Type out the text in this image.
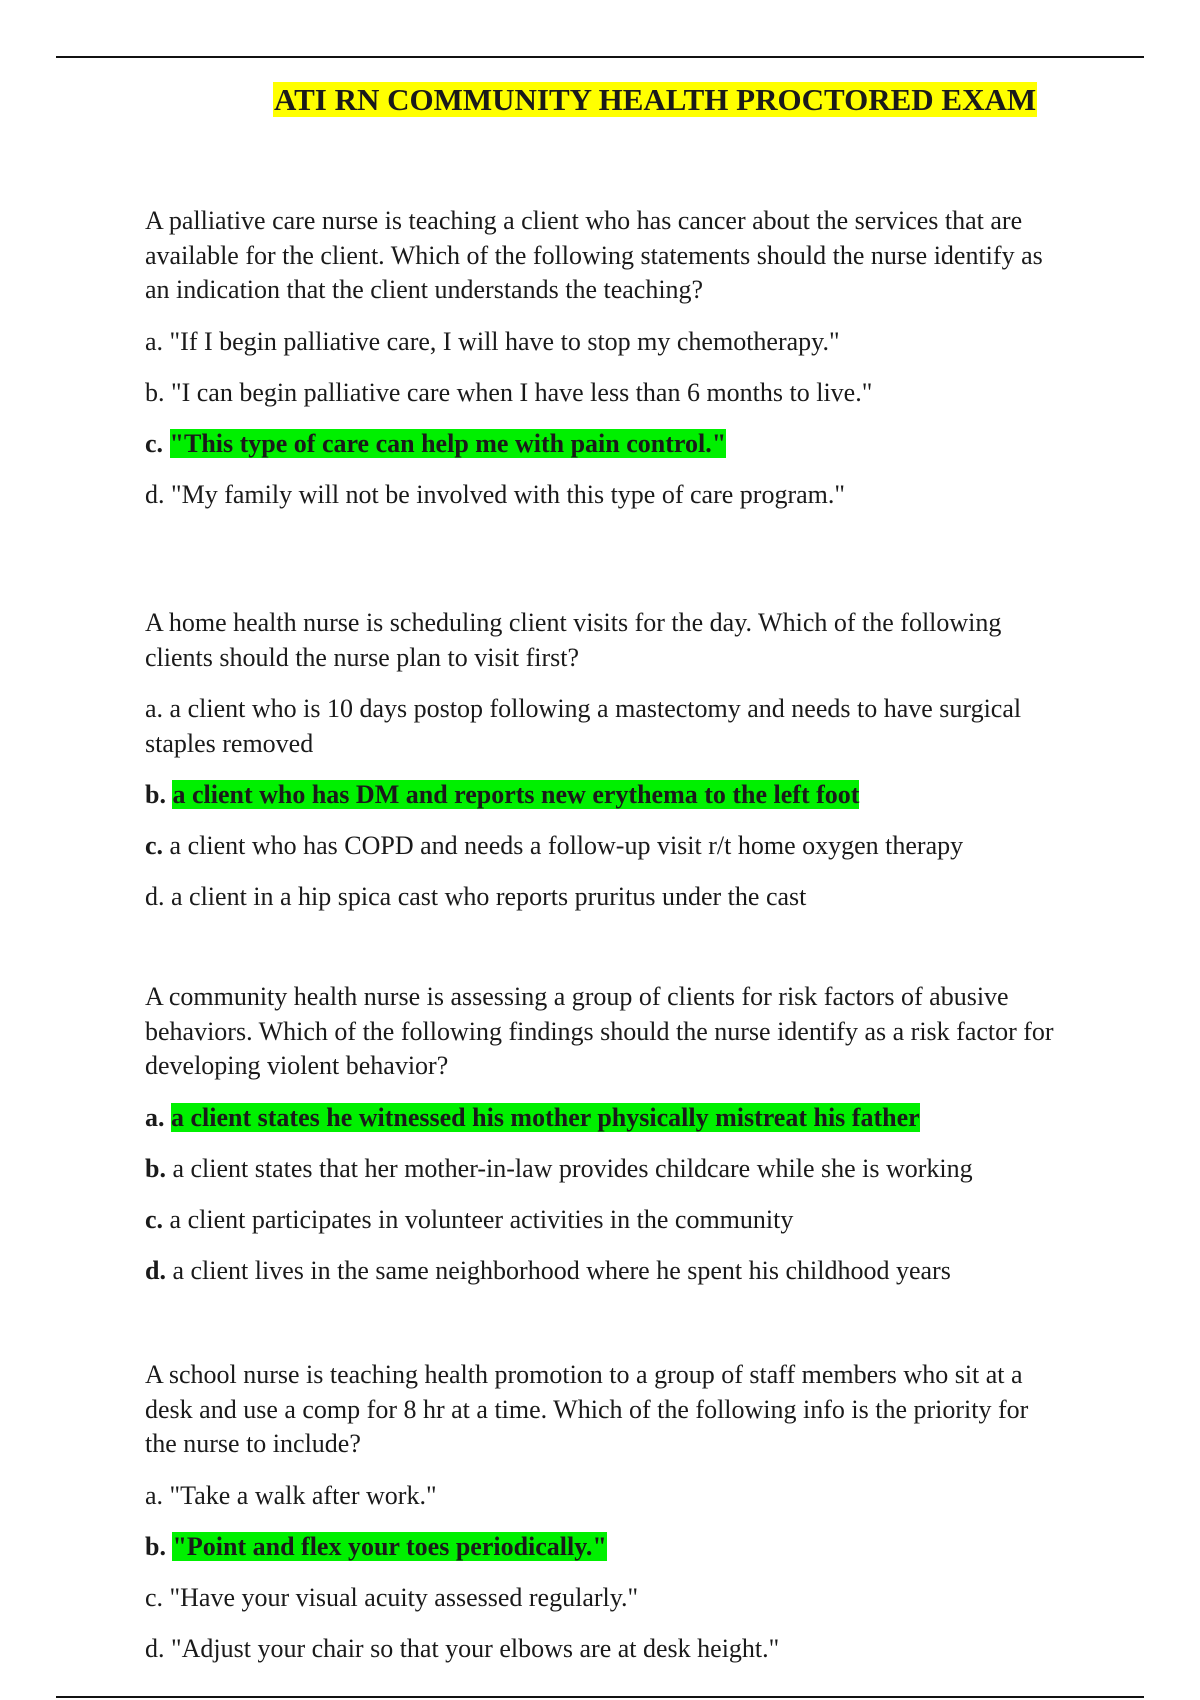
ATI RN COMMUNITY HEALTH PROCTORED EXAM

A palliative care nurse is teaching a client who has cancer about the services that are available for the client. Which of the following statements should the nurse identify as an indication that the client understands the teaching?

a. "If I begin palliative care, I will have to stop my chemotherapy."
b. "I can begin palliative care when I have less than 6 months to live."
c. "This type of care can help me with pain control."
d. "My family will not be involved with this type of care program."

A home health nurse is scheduling client visits for the day. Which of the following clients should the nurse plan to visit first?

a. a client who is 10 days postop following a mastectomy and needs to have surgical staples removed
b. a client who has DM and reports new erythema to the left foot
c. a client who has COPD and needs a follow-up visit r/t home oxygen therapy
d. a client in a hip spica cast who reports pruritus under the cast

A community health nurse is assessing a group of clients for risk factors of abusive behaviors. Which of the following findings should the nurse identify as a risk factor for developing violent behavior?

a. a client states he witnessed his mother physically mistreat his father
b. a client states that her mother-in-law provides childcare while she is working
c. a client participates in volunteer activities in the community
d. a client lives in the same neighborhood where he spent his childhood years

A school nurse is teaching health promotion to a group of staff members who sit at a desk and use a comp for 8 hr at a time. Which of the following info is the priority for the nurse to include?

a. "Take a walk after work."
b. "Point and flex your toes periodically."
c. "Have your visual acuity assessed regularly."
d. "Adjust your chair so that your elbows are at desk height."
